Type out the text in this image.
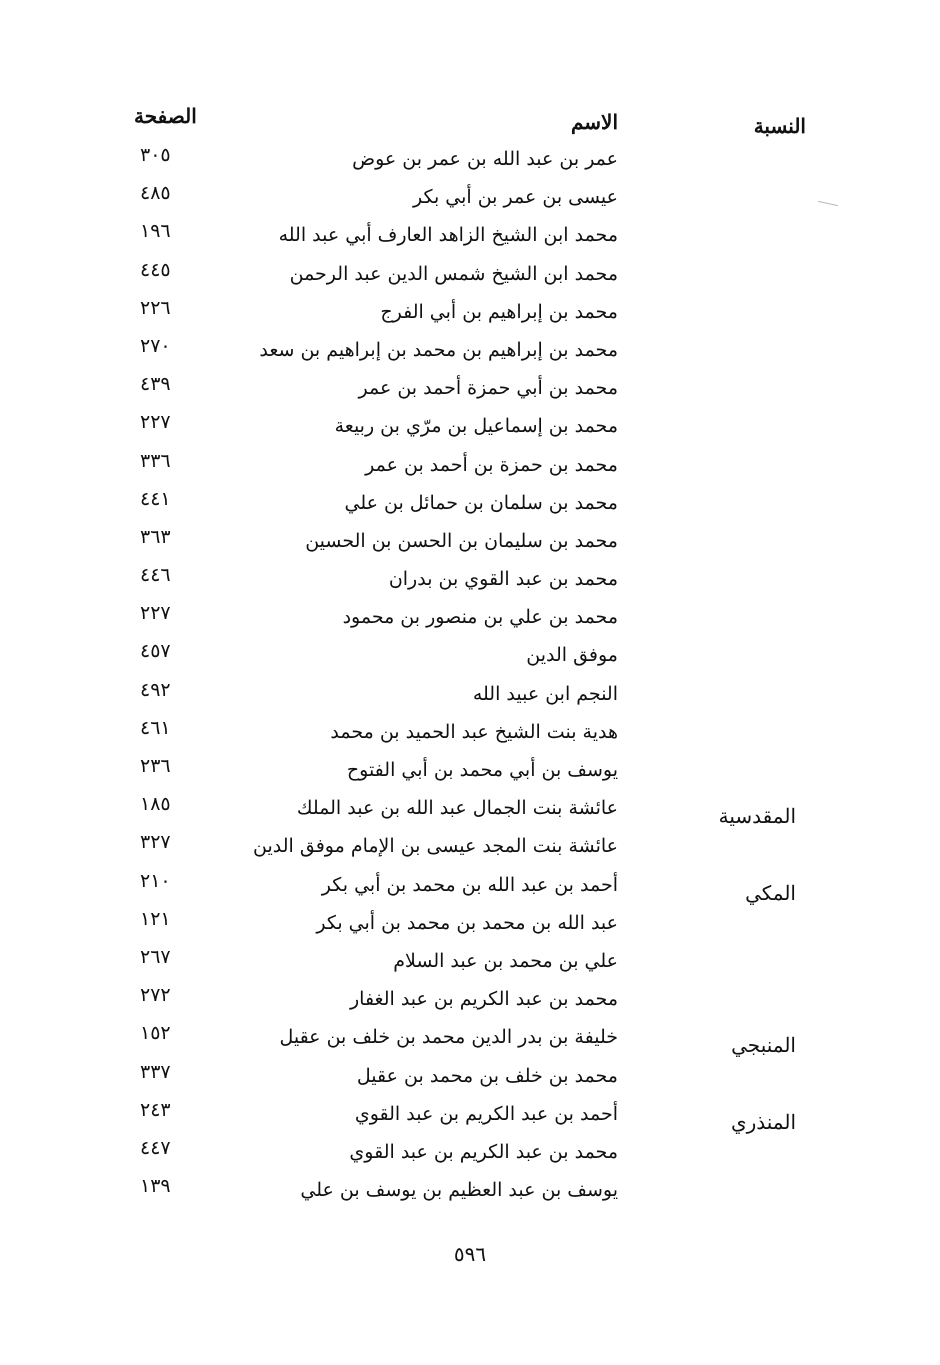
النسبة
الاسم
الصفحة
عمر بن عبد الله بن عمر بن عوض
٣٠٥
عيسى بن عمر بن أبي بكر
٤٨٥
محمد ابن الشيخ الزاهد العارف أبي عبد الله
١٩٦
محمد ابن الشيخ شمس الدين عبد الرحمن
٤٤٥
محمد بن إبراهيم بن أبي الفرج
٢٢٦
محمد بن إبراهيم بن محمد بن إبراهيم بن سعد
٢٧٠
محمد بن أبي حمزة أحمد بن عمر
٤٣٩
محمد بن إسماعيل بن مرّي بن ربيعة
٢٢٧
محمد بن حمزة بن أحمد بن عمر
٣٣٦
محمد بن سلمان بن حمائل بن علي
٤٤١
محمد بن سليمان بن الحسن بن الحسين
٣٦٣
محمد بن عبد القوي بن بدران
٤٤٦
محمد بن علي بن منصور بن محمود
٢٢٧
موفق الدين
٤٥٧
النجم ابن عبيد الله
٤٩٢
هدية بنت الشيخ عبد الحميد بن محمد
٤٦١
يوسف بن أبي محمد بن أبي الفتوح
٢٣٦
المقدسية
عائشة بنت الجمال عبد الله بن عبد الملك
١٨٥
عائشة بنت المجد عيسى بن الإمام موفق الدين
٣٢٧
المكي
أحمد بن عبد الله بن محمد بن أبي بكر
٢١٠
عبد الله بن محمد بن محمد بن أبي بكر
١٢١
علي بن محمد بن عبد السلام
٢٦٧
محمد بن عبد الكريم بن عبد الغفار
٢٧٢
المنبجي
خليفة بن بدر الدين محمد بن خلف بن عقيل
١٥٢
محمد بن خلف بن محمد بن عقيل
٣٣٧
المنذري
أحمد بن عبد الكريم بن عبد القوي
٢٤٣
محمد بن عبد الكريم بن عبد القوي
٤٤٧
يوسف بن عبد العظيم بن يوسف بن علي
١٣٩
٥٩٦
